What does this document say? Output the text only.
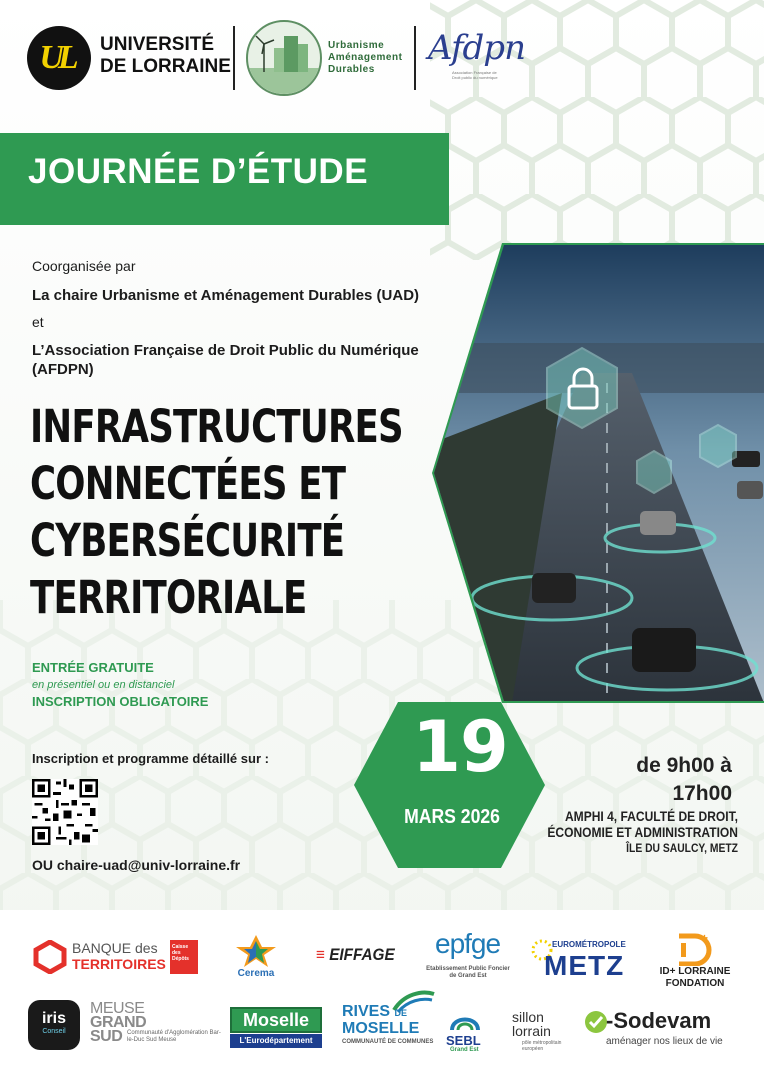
UL UNIVERSITÉ
DE LORRAINE
Urbanisme
Aménagement
Durables
Afdpn
Association Française de Droit public du numérique
JOURNÉE D’ÉTUDE
Coorganisée par
La chaire Urbanisme et Aménagement Durables (UAD)
et
L’Association Française de Droit Public du Numérique
(AFDPN)
INFRASTRUCTURES
CONNECTÉES ET
CYBERSÉCURITÉ
TERRITORIALE
ENTRÉE GRATUITE
en présentiel ou en distanciel
INSCRIPTION OBLIGATOIRE
Inscription et programme détaillé sur :
OU chaire-uad@univ-lorraine.fr
19
MARS 2026
de 9h00 à
17h00
AMPHI 4, FACULTÉ DE DROIT,
ÉCONOMIE ET ADMINISTRATION
ÎLE DU SAULCY, METZ
BANQUE des
TERRITOIRES
Caisse des Dépôts
Cerema
≡ EIFFAGE epfge
Etablissement Public Foncier de Grand Est
EUROMÉTROPOLE
METZ
+
ID+ LORRAINE
FONDATION
iris
Conseil
MEUSE
GRAND
SUD Communauté d'Agglomération Bar-le-Duc Sud Meuse
Moselle
L'Eurodépartement
RIVES DE
MOSELLE
COMMUNAUTÉ DE COMMUNES SEBL
Grand Est
sillon
lorrain
pôle métropolitain européen
-Sodevam
aménager nos lieux de vie
